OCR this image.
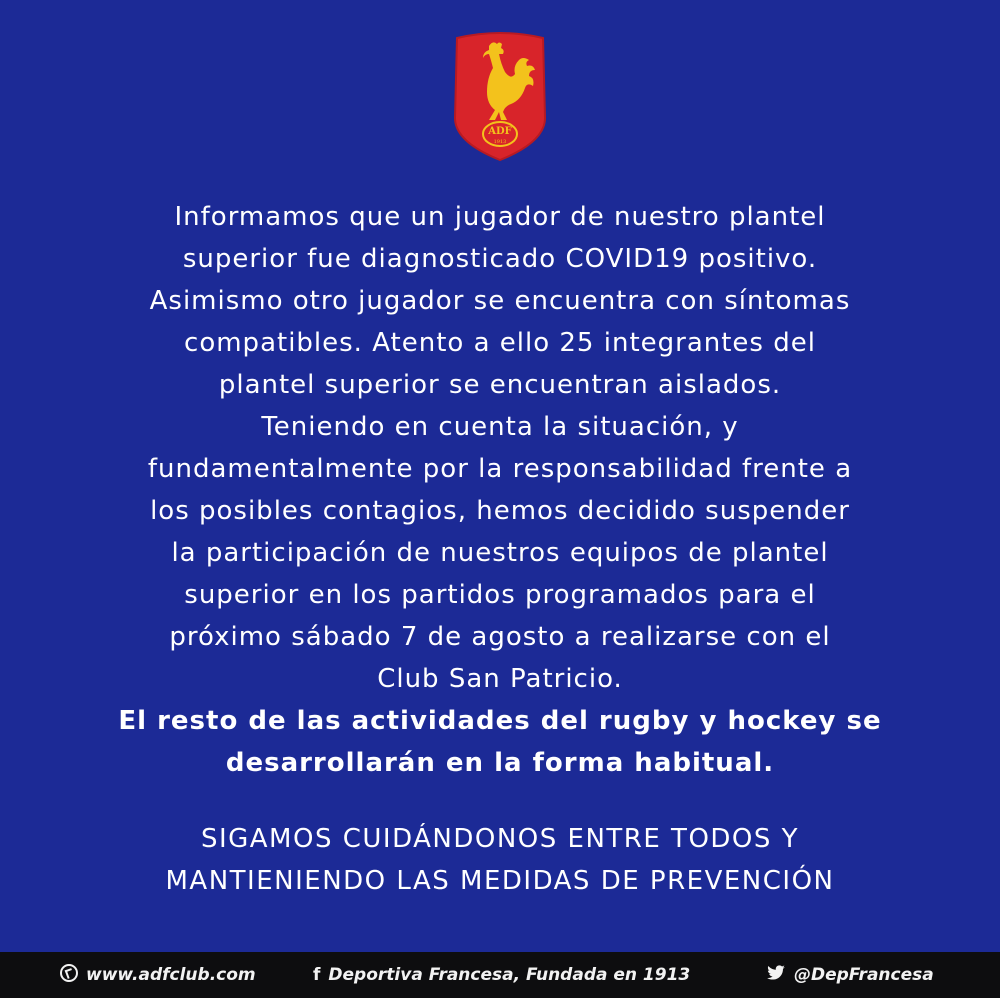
ADF
1913
Informamos que un jugador de nuestro plantel
superior fue diagnosticado COVID19 positivo.
Asimismo otro jugador se encuentra con síntomas
compatibles. Atento a ello 25 integrantes del
plantel superior se encuentran aislados.
Teniendo en cuenta la situación, y
fundamentalmente por la responsabilidad frente a
los posibles contagios, hemos decidido suspender
la participación de nuestros equipos de plantel
superior en los partidos programados para el
próximo sábado 7 de agosto a realizarse con el
Club San Patricio.
El resto de las actividades del rugby y hockey se
desarrollarán en la forma habitual.
SIGAMOS CUIDÁNDONOS ENTRE TODOS Y
MANTIENIENDO LAS MEDIDAS DE PREVENCIÓN
www.adfclub.com	f Deportiva Francesa, Fundada en 1913	@DepFrancesa
